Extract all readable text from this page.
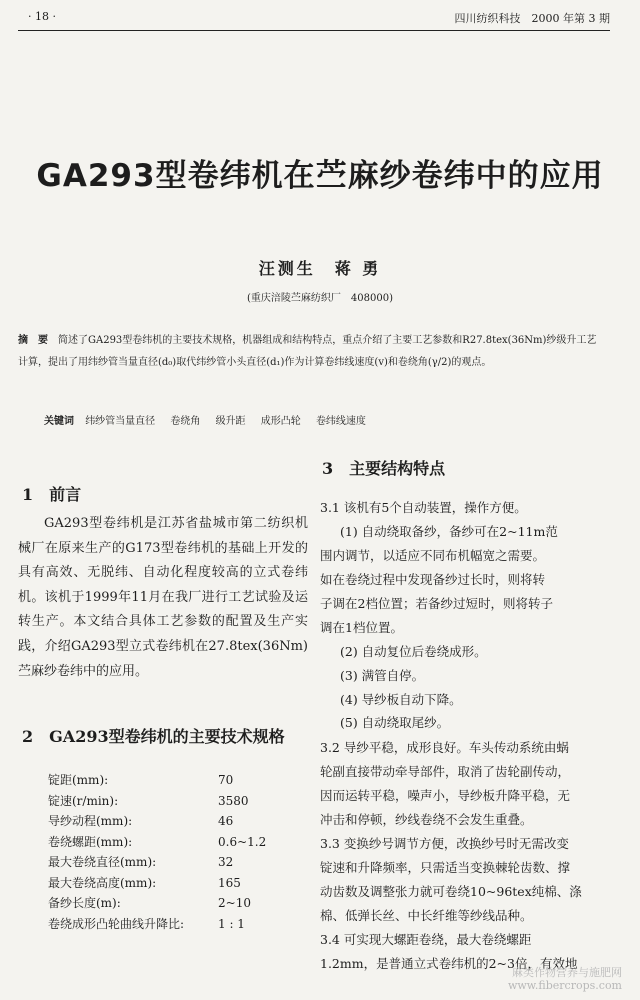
· 18 ·	四川纺织科技　2000 年第 3 期
GA293型卷纬机在苎麻纱卷纬中的应用
汪测生　蒋 勇
(重庆涪陵苎麻纺织厂　408000)
摘　要 简述了GA293型卷纬机的主要技术规格，机器组成和结构特点，重点介绍了主要工艺参数和R27.8tex(36Nm)纱级升工艺计算，提出了用纬纱管当量直径(d₀)取代纬纱管小头直径(d₁)作为计算卷纬线速度(v)和卷绕角(γ/2)的观点。
关键词 纬纱管当量直径 卷绕角 级升距 成形凸轮 卷纬线速度
1　前言
GA293型卷纬机是江苏省盐城市第二纺织机械厂在原来生产的G173型卷纬机的基础上开发的具有高效、无脱纬、自动化程度较高的立式卷纬机。该机于1999年11月在我厂进行工艺试验及运转生产。本文结合具体工艺参数的配置及生产实践，介绍GA293型立式卷纬机在27.8tex(36Nm)苎麻纱卷纬中的应用。
2　GA293型卷纬机的主要技术规格
锭距(mm):	70
锭速(r/min):	3580
导纱动程(mm):	46
卷绕螺距(mm):	0.6~1.2
最大卷绕直径(mm):	32
最大卷绕高度(mm):	165
备纱长度(m):	2~10
卷绕成形凸轮曲线升降比:	1 : 1
3　主要结构特点
3.1 该机有5个自动装置，操作方便。
(1) 自动绕取备纱，备纱可在2~11m范
围内调节，以适应不同布机幅宽之需要。
如在卷绕过程中发现备纱过长时，则将转
子调在2档位置；若备纱过短时，则将转子
调在1档位置。
(2) 自动复位后卷绕成形。
(3) 满管自停。
(4) 导纱板自动下降。
(5) 自动绕取尾纱。
3.2 导纱平稳，成形良好。车头传动系统由蜗
轮副直接带动牵导部件，取消了齿轮副传动，
因而运转平稳，噪声小，导纱板升降平稳，无
冲击和停顿，纱线卷绕不会发生重叠。
3.3 变换纱号调节方便，改换纱号时无需改变
锭速和升降频率，只需适当变换棘轮齿数、撑
动齿数及调整张力就可卷绕10~96tex纯棉、涤
棉、低弹长丝、中长纤维等纱线品种。
3.4 可实现大螺距卷绕，最大卷绕螺距
1.2mm，是普通立式卷纬机的2~3倍，有效地
麻类作物营养与施肥网
www.fibercrops.com
